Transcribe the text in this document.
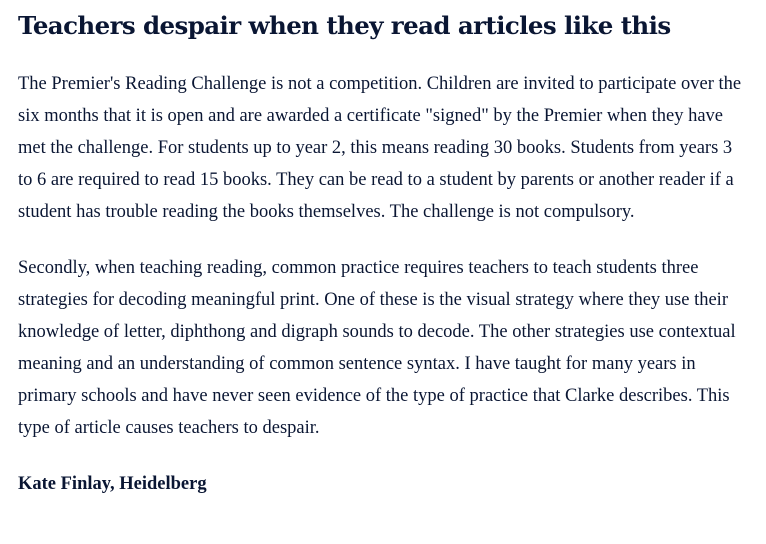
Teachers despair when they read articles like this

The Premier's Reading Challenge is not a competition. Children are invited to participate over the six months that it is open and are awarded a certificate "signed" by the Premier when they have met the challenge. For students up to year 2, this means reading 30 books. Students from years 3 to 6 are required to read 15 books. They can be read to a student by parents or another reader if a student has trouble reading the books themselves. The challenge is not compulsory.

Secondly, when teaching reading, common practice requires teachers to teach students three strategies for decoding meaningful print. One of these is the visual strategy where they use their knowledge of letter, diphthong and digraph sounds to decode. The other strategies use contextual meaning and an understanding of common sentence syntax. I have taught for many years in primary schools and have never seen evidence of the type of practice that Clarke describes. This type of article causes teachers to despair.

Kate Finlay, Heidelberg
